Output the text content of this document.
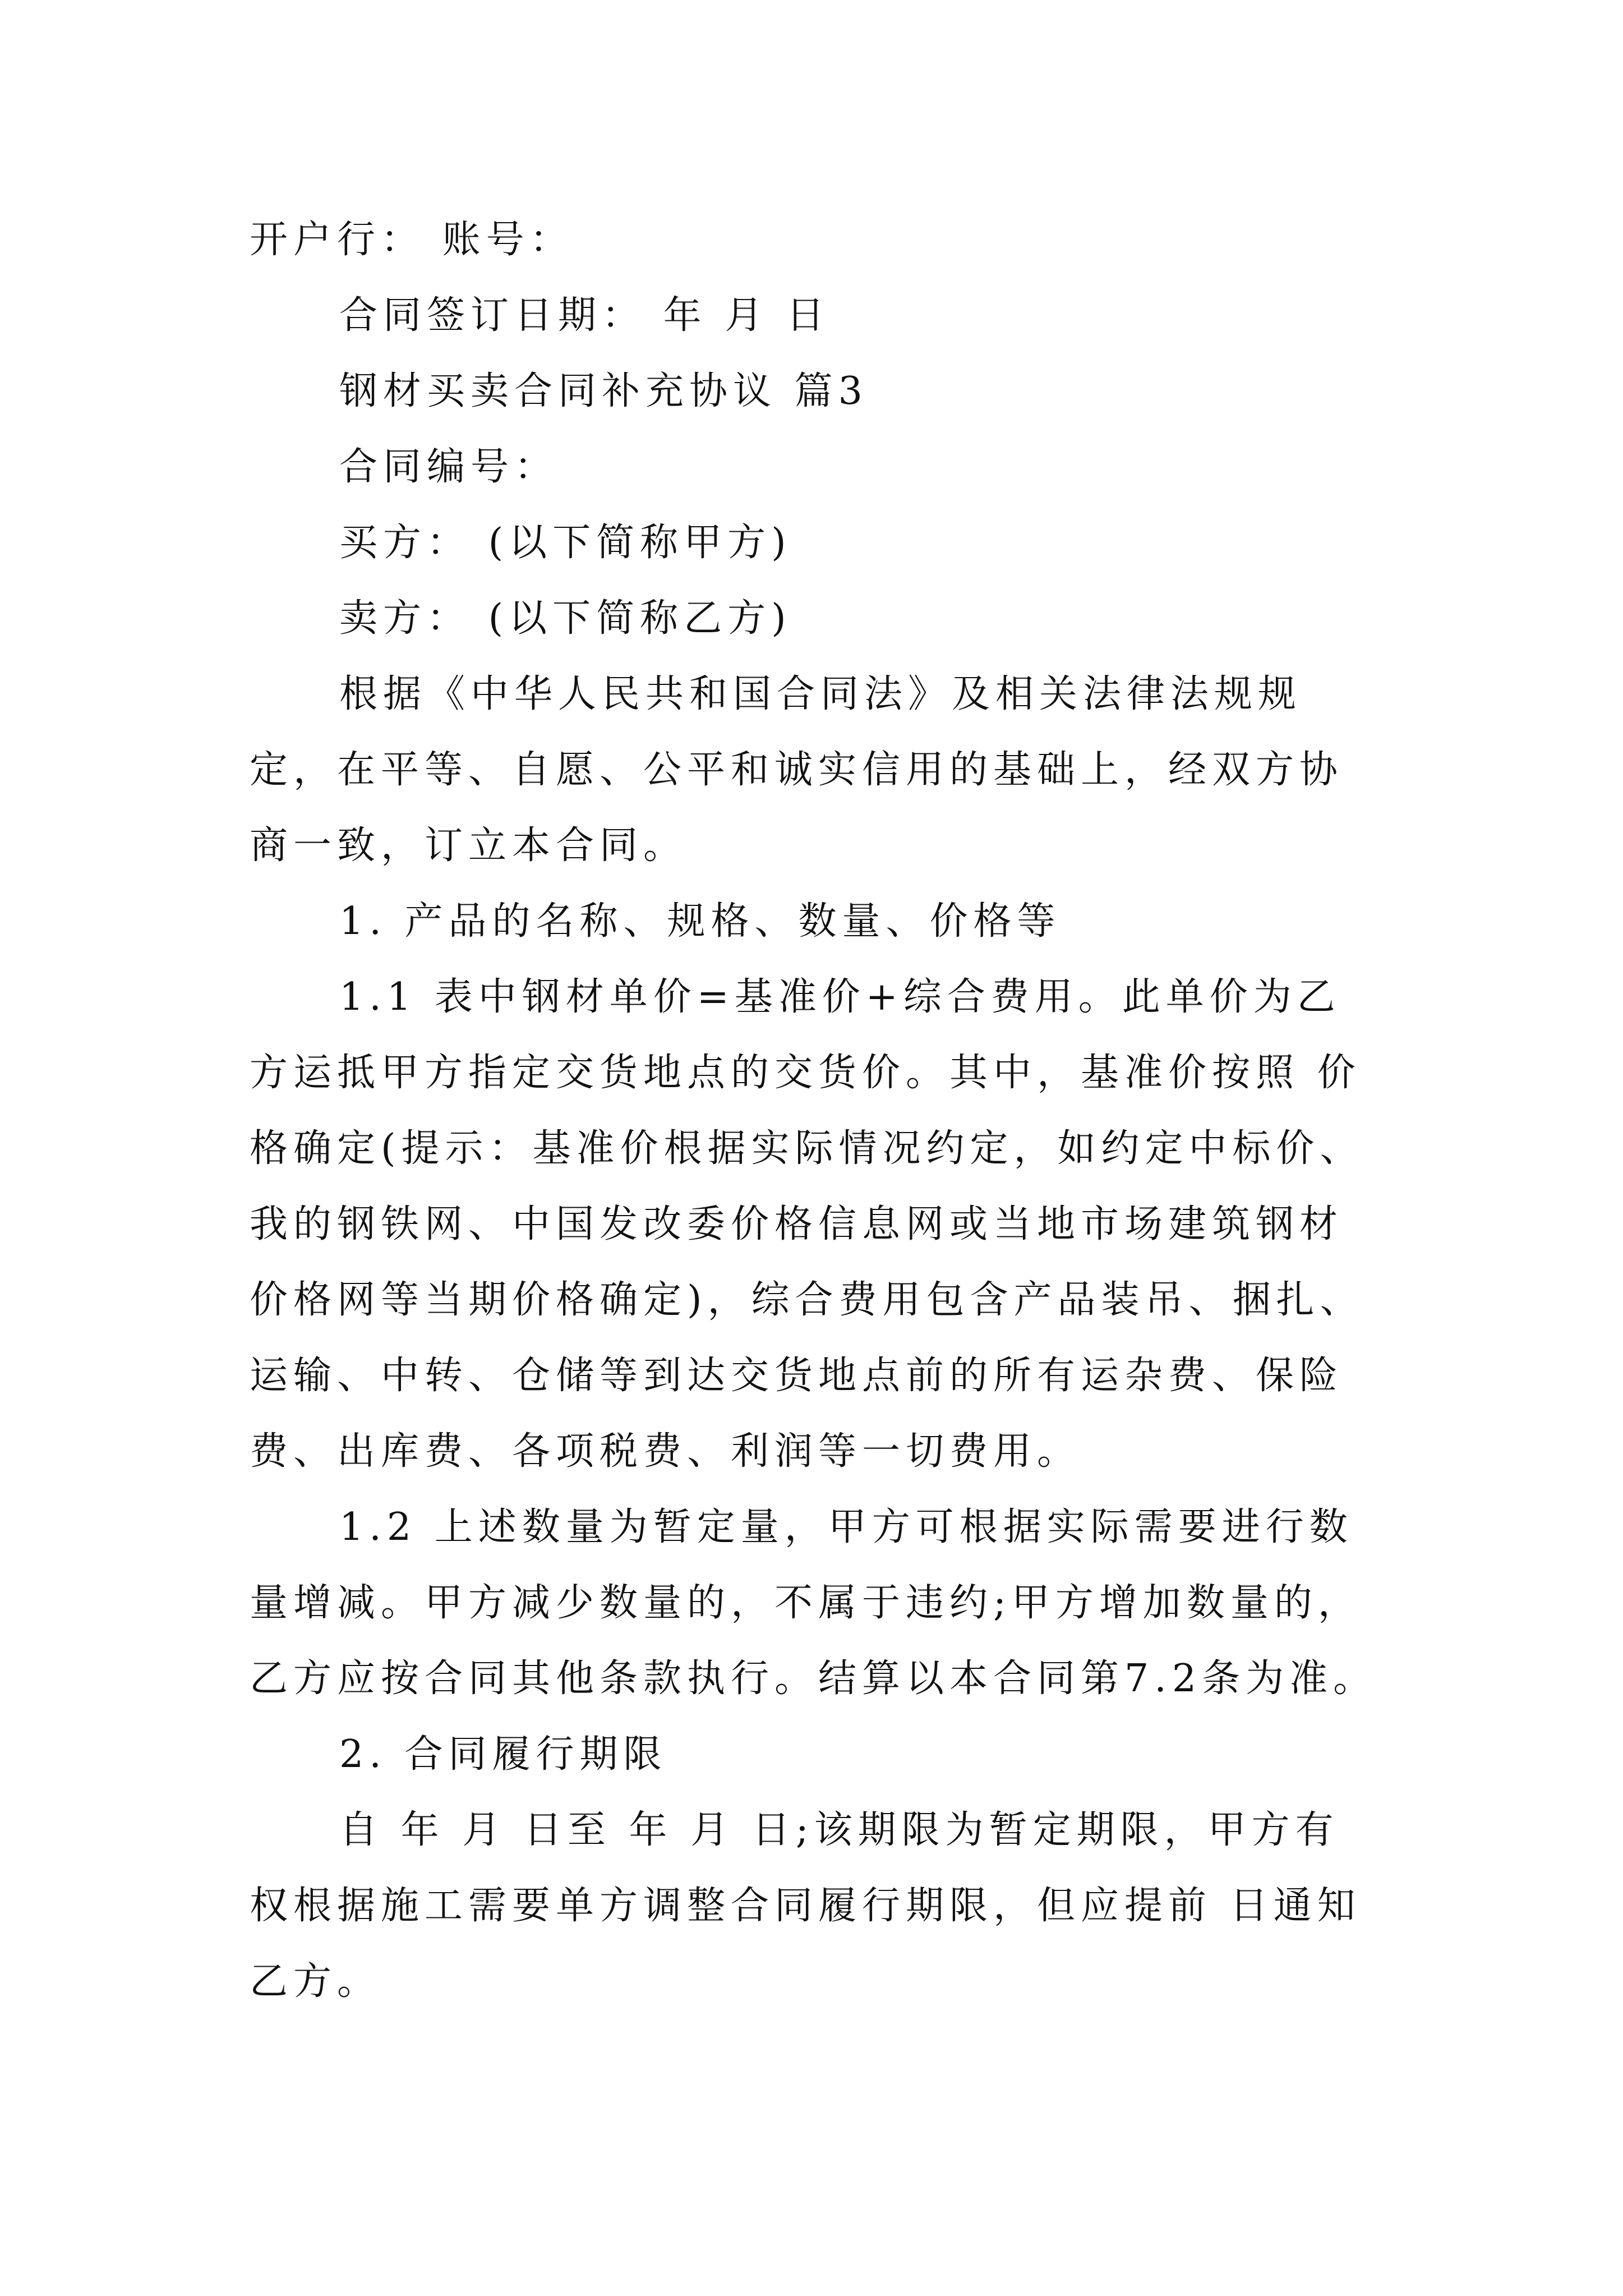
开户行： 账号：

合同签订日期： 年 月 日

钢材买卖合同补充协议 篇3

合同编号：

买方： (以下简称甲方)

卖方： (以下简称乙方)

根据《中华人民共和国合同法》及相关法律法规规定，在平等、自愿、公平和诚实信用的基础上，经双方协商一致，订立本合同。

1. 产品的名称、规格、数量、价格等

1.1 表中钢材单价=基准价+综合费用。此单价为乙方运抵甲方指定交货地点的交货价。其中，基准价按照 价格确定(提示：基准价根据实际情况约定，如约定中标价、我的钢铁网、中国发改委价格信息网或当地市场建筑钢材价格网等当期价格确定)，综合费用包含产品装吊、捆扎、运输、中转、仓储等到达交货地点前的所有运杂费、保险费、出库费、各项税费、利润等一切费用。

1.2 上述数量为暂定量，甲方可根据实际需要进行数量增减。甲方减少数量的，不属于违约;甲方增加数量的，乙方应按合同其他条款执行。结算以本合同第7.2条为准。

2. 合同履行期限

自 年 月 日至 年 月 日;该期限为暂定期限，甲方有权根据施工需要单方调整合同履行期限，但应提前 日通知乙方。
